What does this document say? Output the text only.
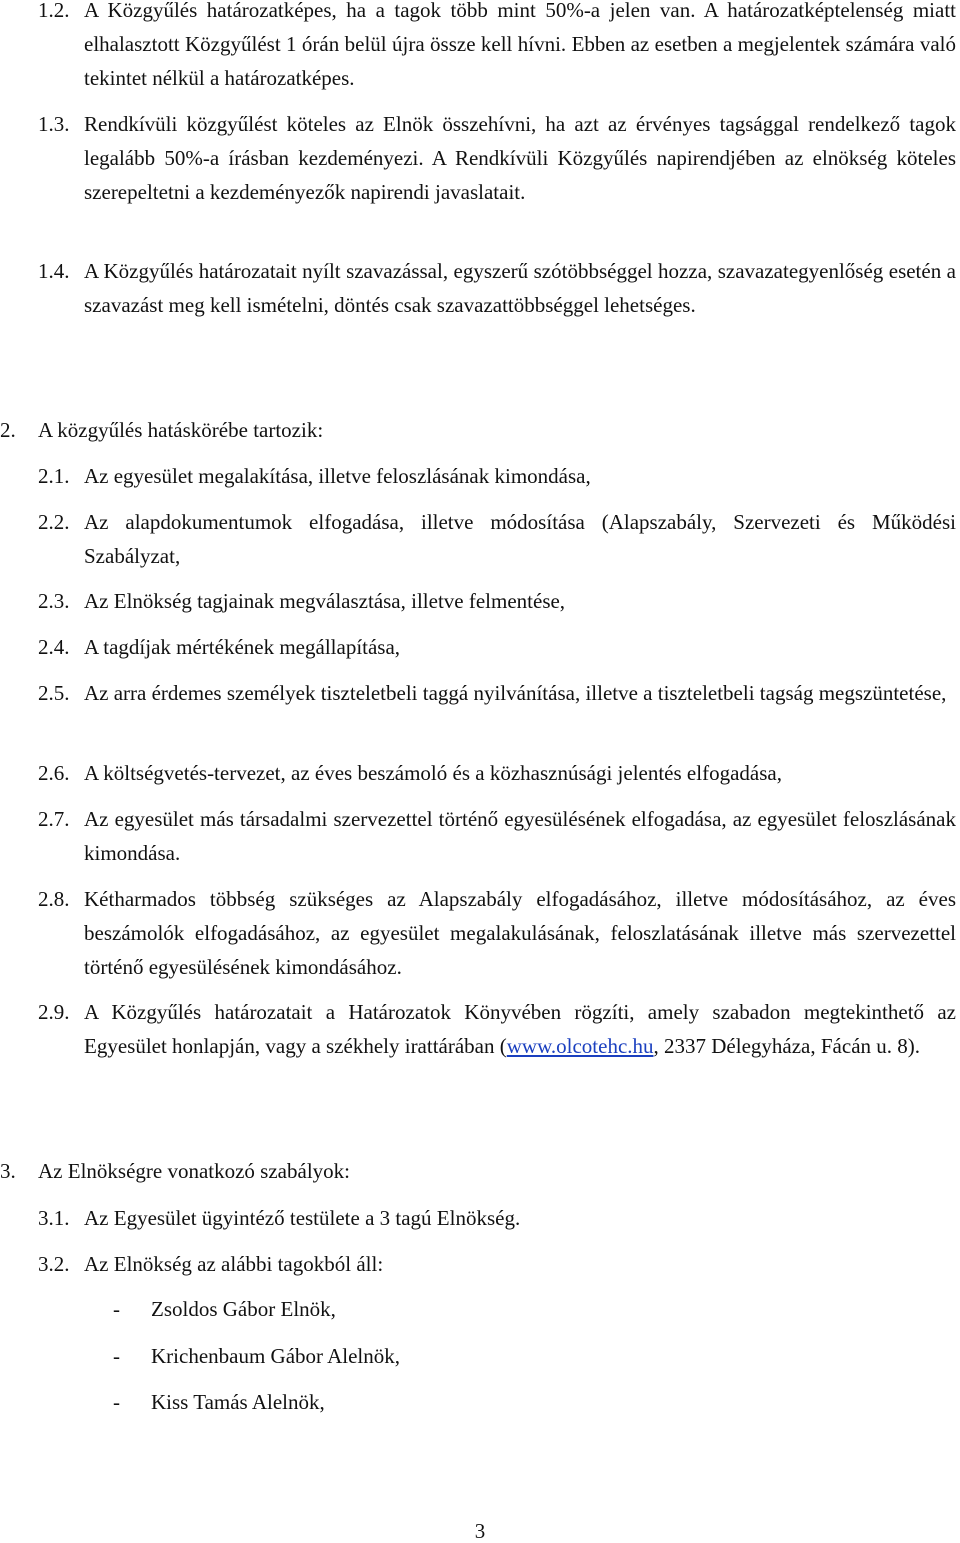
1.2. A Közgyűlés határozatképes, ha a tagok több mint 50%-a jelen van. A határozatképtelenség miatt elhalasztott Közgyűlést 1 órán belül újra össze kell hívni. Ebben az esetben a megjelentek számára való tekintet nélkül a határozatképes.
1.3. Rendkívüli közgyűlést köteles az Elnök összehívni, ha azt az érvényes tagsággal rendelkező tagok legalább 50%-a írásban kezdeményezi. A Rendkívüli Közgyűlés napirendjében az elnökség köteles szerepeltetni a kezdeményezők napirendi javaslatait.
1.4. A Közgyűlés határozatait nyílt szavazással, egyszerű szótöbbséggel hozza, szavazategyenlőség esetén a szavazást meg kell ismételni, döntés csak szavazattöbbséggel lehetséges.
2. A közgyűlés hatáskörébe tartozik:
2.1. Az egyesület megalakítása, illetve feloszlásának kimondása,
2.2. Az alapdokumentumok elfogadása, illetve módosítása (Alapszabály, Szervezeti és Működési Szabályzat,
2.3. Az Elnökség tagjainak megválasztása, illetve felmentése,
2.4. A tagdíjak mértékének megállapítása,
2.5. Az arra érdemes személyek tiszteletbeli taggá nyilvánítása, illetve a tiszteletbeli tagság megszüntetése,
2.6. A költségvetés-tervezet, az éves beszámoló és a közhasznúsági jelentés elfogadása,
2.7. Az egyesület más társadalmi szervezettel történő egyesülésének elfogadása, az egyesület feloszlásának kimondása.
2.8. Kétharmados többség szükséges az Alapszabály elfogadásához, illetve módosításához, az éves beszámolók elfogadásához, az egyesület megalakulásának, feloszlatásának illetve más szervezettel történő egyesülésének kimondásához.
2.9. A Közgyűlés határozatait a Határozatok Könyvében rögzíti, amely szabadon megtekinthető az Egyesület honlapján, vagy a székhely irattárában (www.olcotehc.hu, 2337 Délegyháza, Fácán u. 8).
3. Az Elnökségre vonatkozó szabályok:
3.1. Az Egyesület ügyintéző testülete a 3 tagú Elnökség.
3.2. Az Elnökség az alábbi tagokból áll:
- Zsoldos Gábor Elnök,
- Krichenbaum Gábor Alelnök,
- Kiss Tamás Alelnök,
3
